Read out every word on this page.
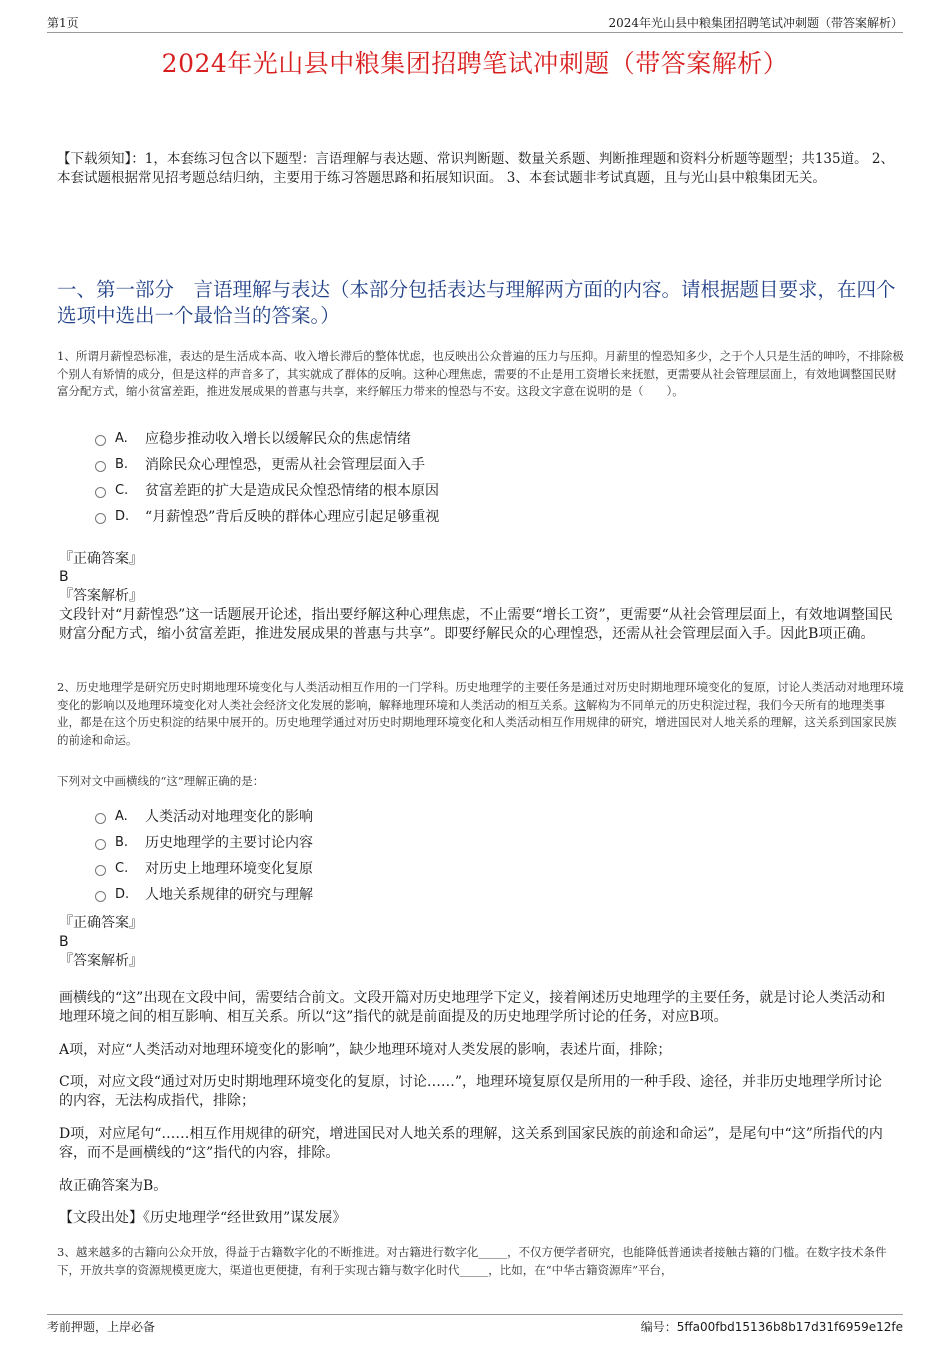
第1页	2024年光山县中粮集团招聘笔试冲刺题（带答案解析）
2024年光山县中粮集团招聘笔试冲刺题（带答案解析）
【下载须知】：1，本套练习包含以下题型：言语理解与表达题、常识判断题、数量关系题、判断推理题和资料分析题等题型；共135道。 2、本套试题根据常见招考题总结归纳，主要用于练习答题思路和拓展知识面。 3、本套试题非考试真题，且与光山县中粮集团无关。
一、第一部分　言语理解与表达（本部分包括表达与理解两方面的内容。请根据题目要求，在四个选项中选出一个最恰当的答案。）
1、所谓月薪惶恐标准，表达的是生活成本高、收入增长滞后的整体忧虑，也反映出公众普遍的压力与压抑。月薪里的惶恐知多少，之于个人只是生活的呻吟，不排除极个别人有矫情的成分，但是这样的声音多了，其实就成了群体的反响。这种心理焦虑，需要的不止是用工资增长来抚慰，更需要从社会管理层面上，有效地调整国民财富分配方式，缩小贫富差距，推进发展成果的普惠与共享，来纾解压力带来的惶恐与不安。这段文字意在说明的是（　　）。
A. 应稳步推动收入增长以缓解民众的焦虑情绪
B. 消除民众心理惶恐，更需从社会管理层面入手
C. 贫富差距的扩大是造成民众惶恐情绪的根本原因
D. “月薪惶恐”背后反映的群体心理应引起足够重视
『正确答案』
B
『答案解析』
文段针对“月薪惶恐”这一话题展开论述，指出要纾解这种心理焦虑，不止需要“增长工资”，更需要“从社会管理层面上，有效地调整国民财富分配方式，缩小贫富差距，推进发展成果的普惠与共享”。即要纾解民众的心理惶恐，还需从社会管理层面入手。因此B项正确。
2、历史地理学是研究历史时期地理环境变化与人类活动相互作用的一门学科。历史地理学的主要任务是通过对历史时期地理环境变化的复原，讨论人类活动对地理环境变化的影响以及地理环境变化对人类社会经济文化发展的影响，解释地理环境和人类活动的相互关系。这解构为不同单元的历史积淀过程，我们今天所有的地理类事业，都是在这个历史积淀的结果中展开的。历史地理学通过对历史时期地理环境变化和人类活动相互作用规律的研究，增进国民对人地关系的理解，这关系到国家民族的前途和命运。
下列对文中画横线的“这”理解正确的是：
A. 人类活动对地理变化的影响
B. 历史地理学的主要讨论内容
C. 对历史上地理环境变化复原
D. 人地关系规律的研究与理解
『正确答案』
B
『答案解析』
画横线的“这”出现在文段中间，需要结合前文。文段开篇对历史地理学下定义，接着阐述历史地理学的主要任务，就是讨论人类活动和地理环境之间的相互影响、相互关系。所以“这”指代的就是前面提及的历史地理学所讨论的任务，对应B项。
A项，对应“人类活动对地理环境变化的影响”，缺少地理环境对人类发展的影响，表述片面，排除；
C项，对应文段“通过对历史时期地理环境变化的复原，讨论……”，地理环境复原仅是所用的一种手段、途径，并非历史地理学所讨论的内容，无法构成指代，排除；
D项，对应尾句“……相互作用规律的研究，增进国民对人地关系的理解，这关系到国家民族的前途和命运”，是尾句中“这”所指代的内容，而不是画横线的“这”指代的内容，排除。
故正确答案为B。
【文段出处】《历史地理学“经世致用”谋发展》
3、越来越多的古籍向公众开放，得益于古籍数字化的不断推进。对古籍进行数字化_____，不仅方便学者研究，也能降低普通读者接触古籍的门槛。在数字技术条件下，开放共享的资源规模更庞大，渠道也更便捷，有利于实现古籍与数字化时代_____，比如，在“中华古籍资源库”平台，
考前押题，上岸必备	编号：5ffa00fbd15136b8b17d31f6959e12fe
